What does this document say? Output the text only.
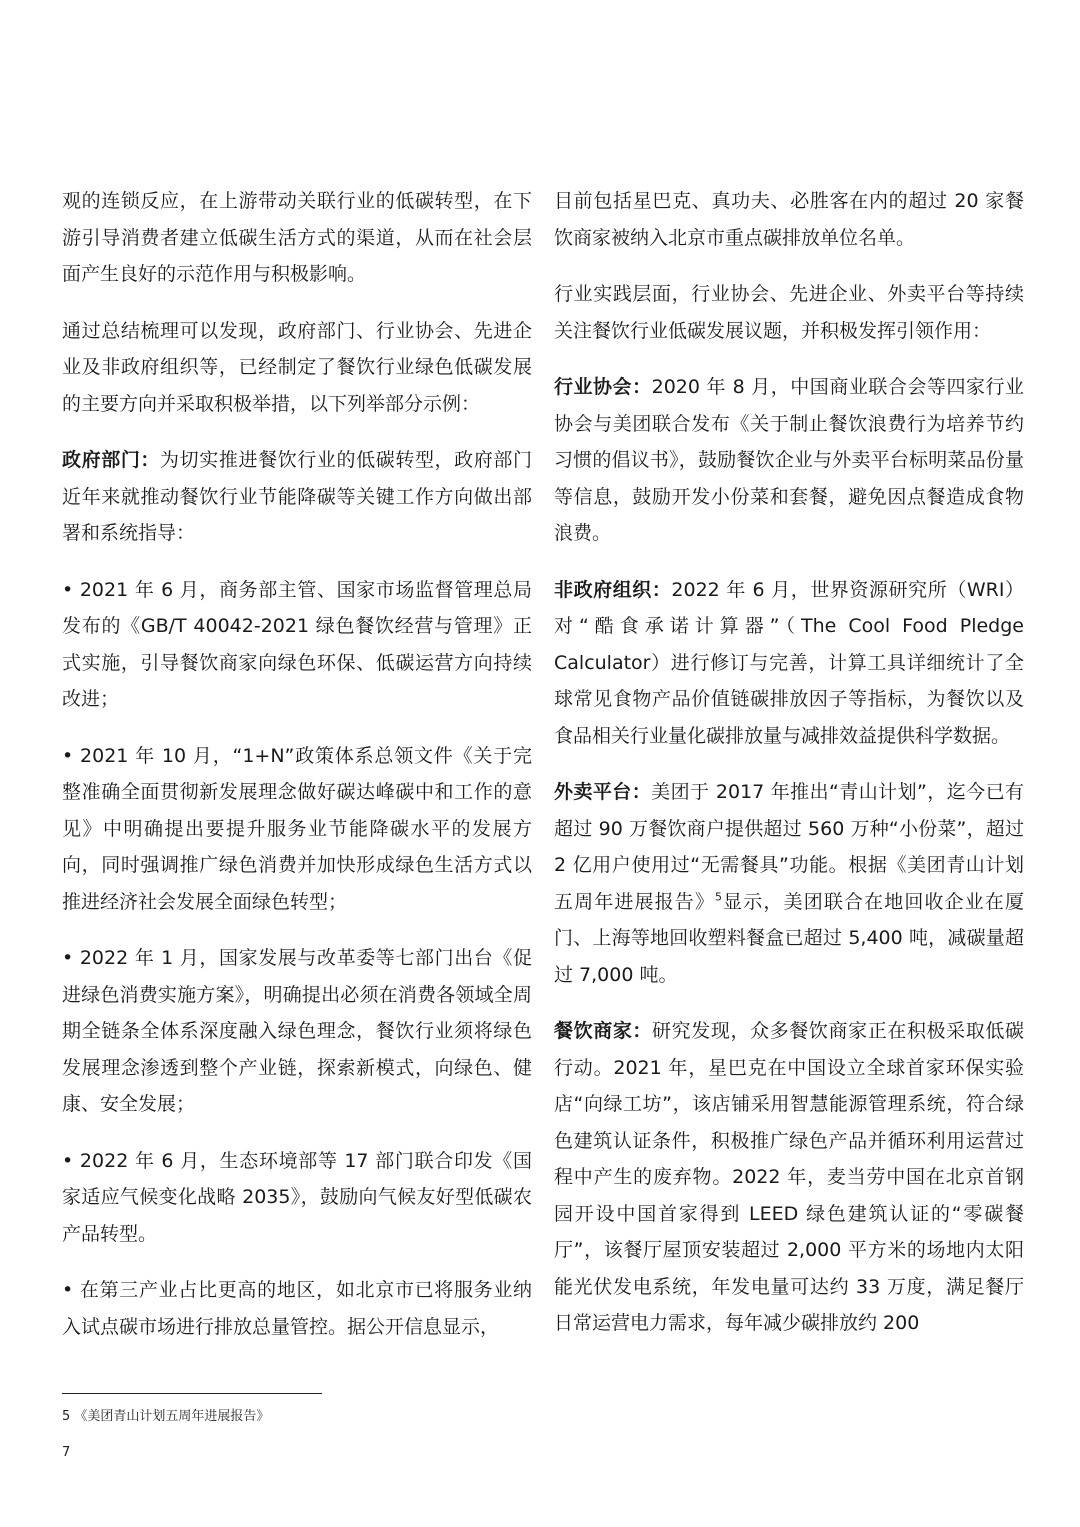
观的连锁反应，在上游带动关联行业的低碳转型，在下游引导消费者建立低碳生活方式的渠道，从而在社会层面产生良好的示范作用与积极影响。

通过总结梳理可以发现，政府部门、行业协会、先进企业及非政府组织等，已经制定了餐饮行业绿色低碳发展的主要方向并采取积极举措，以下列举部分示例：

政府部门：为切实推进餐饮行业的低碳转型，政府部门近年来就推动餐饮行业节能降碳等关键工作方向做出部署和系统指导：

• 2021 年 6 月，商务部主管、国家市场监督管理总局发布的《GB/T 40042-2021 绿色餐饮经营与管理》正式实施，引导餐饮商家向绿色环保、低碳运营方向持续改进；

• 2021 年 10 月，“1+N”政策体系总领文件《关于完整准确全面贯彻新发展理念做好碳达峰碳中和工作的意见》中明确提出要提升服务业节能降碳水平的发展方向，同时强调推广绿色消费并加快形成绿色生活方式以推进经济社会发展全面绿色转型；

• 2022 年 1 月，国家发展与改革委等七部门出台《促进绿色消费实施方案》，明确提出必须在消费各领域全周期全链条全体系深度融入绿色理念，餐饮行业须将绿色发展理念渗透到整个产业链，探索新模式，向绿色、健康、安全发展；

• 2022 年 6 月，生态环境部等 17 部门联合印发《国家适应气候变化战略 2035》，鼓励向气候友好型低碳农产品转型。

• 在第三产业占比更高的地区，如北京市已将服务业纳入试点碳市场进行排放总量管控。据公开信息显示，

目前包括星巴克、真功夫、必胜客在内的超过 20 家餐饮商家被纳入北京市重点碳排放单位名单。

行业实践层面，行业协会、先进企业、外卖平台等持续关注餐饮行业低碳发展议题，并积极发挥引领作用：

行业协会：2020 年 8 月，中国商业联合会等四家行业协会与美团联合发布《关于制止餐饮浪费行为培养节约习惯的倡议书》，鼓励餐饮企业与外卖平台标明菜品份量等信息，鼓励开发小份菜和套餐，避免因点餐造成食物浪费。

非政府组织：2022 年 6 月，世界资源研究所（WRI）对“酷食承诺计算器”（The Cool Food Pledge Calculator）进行修订与完善，计算工具详细统计了全球常见食物产品价值链碳排放因子等指标，为餐饮以及食品相关行业量化碳排放量与减排效益提供科学数据。

外卖平台：美团于 2017 年推出“青山计划”，迄今已有超过 90 万餐饮商户提供超过 560 万种“小份菜”，超过 2 亿用户使用过“无需餐具”功能。根据《美团青山计划五周年进展报告》$^5$显示，美团联合在地回收企业在厦门、上海等地回收塑料餐盒已超过 5,400 吨，减碳量超过 7,000 吨。

餐饮商家：研究发现，众多餐饮商家正在积极采取低碳行动。2021 年，星巴克在中国设立全球首家环保实验店“向绿工坊”，该店铺采用智慧能源管理系统，符合绿色建筑认证条件，积极推广绿色产品并循环利用运营过程中产生的废弃物。2022 年，麦当劳中国在北京首钢园开设中国首家得到 LEED 绿色建筑认证的“零碳餐厅”，该餐厅屋顶安装超过 2,000 平方米的场地内太阳能光伏发电系统，年发电量可达约 33 万度，满足餐厅日常运营电力需求，每年减少碳排放约 200

5 《美团青山计划五周年进展报告》
7
